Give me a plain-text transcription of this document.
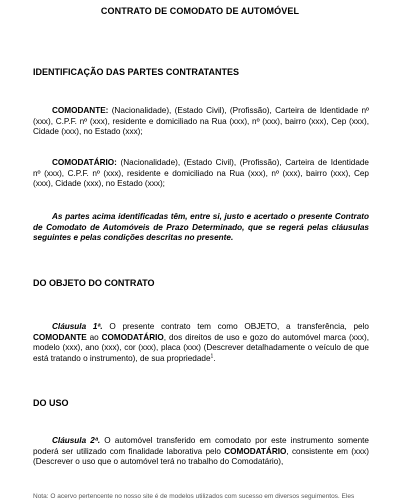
CONTRATO DE COMODATO DE AUTOMÓVEL
IDENTIFICAÇÃO DAS PARTES CONTRATANTES
COMODANTE: (Nacionalidade), (Estado Civil), (Profissão), Carteira de Identidade nº (xxx), C.P.F. nº (xxx), residente e domiciliado na Rua (xxx), nº (xxx), bairro (xxx), Cep (xxx), Cidade (xxx), no Estado (xxx);
COMODATÁRIO: (Nacionalidade), (Estado Civil), (Profissão), Carteira de Identidade nº (xxx), C.P.F. nº (xxx), residente e domiciliado na Rua (xxx), nº (xxx), bairro (xxx), Cep (xxx), Cidade (xxx), no Estado (xxx);
As partes acima identificadas têm, entre si, justo e acertado o presente Contrato de Comodato de Automóveis de Prazo Determinado, que se regerá pelas cláusulas seguintes e pelas condições descritas no presente.
DO OBJETO DO CONTRATO
Cláusula 1ª. O presente contrato tem como OBJETO, a transferência, pelo COMODANTE ao COMODATÁRIO, dos direitos de uso e gozo do automóvel marca (xxx), modelo (xxx), ano (xxx), cor (xxx), placa (xxx) (Descrever detalhadamente o veículo de que está tratando o instrumento), de sua propriedade$^1$.
DO USO
Cláusula 2ª. O automóvel transferido em comodato por este instrumento somente poderá ser utilizado com finalidade laborativa pelo COMODATÁRIO, consistente em (xxx) (Descrever o uso que o automóvel terá no trabalho do Comodatário),
Nota: O acervo pertencente no nosso site é de modelos utilizados com sucesso em diversos seguimentos. Eles
